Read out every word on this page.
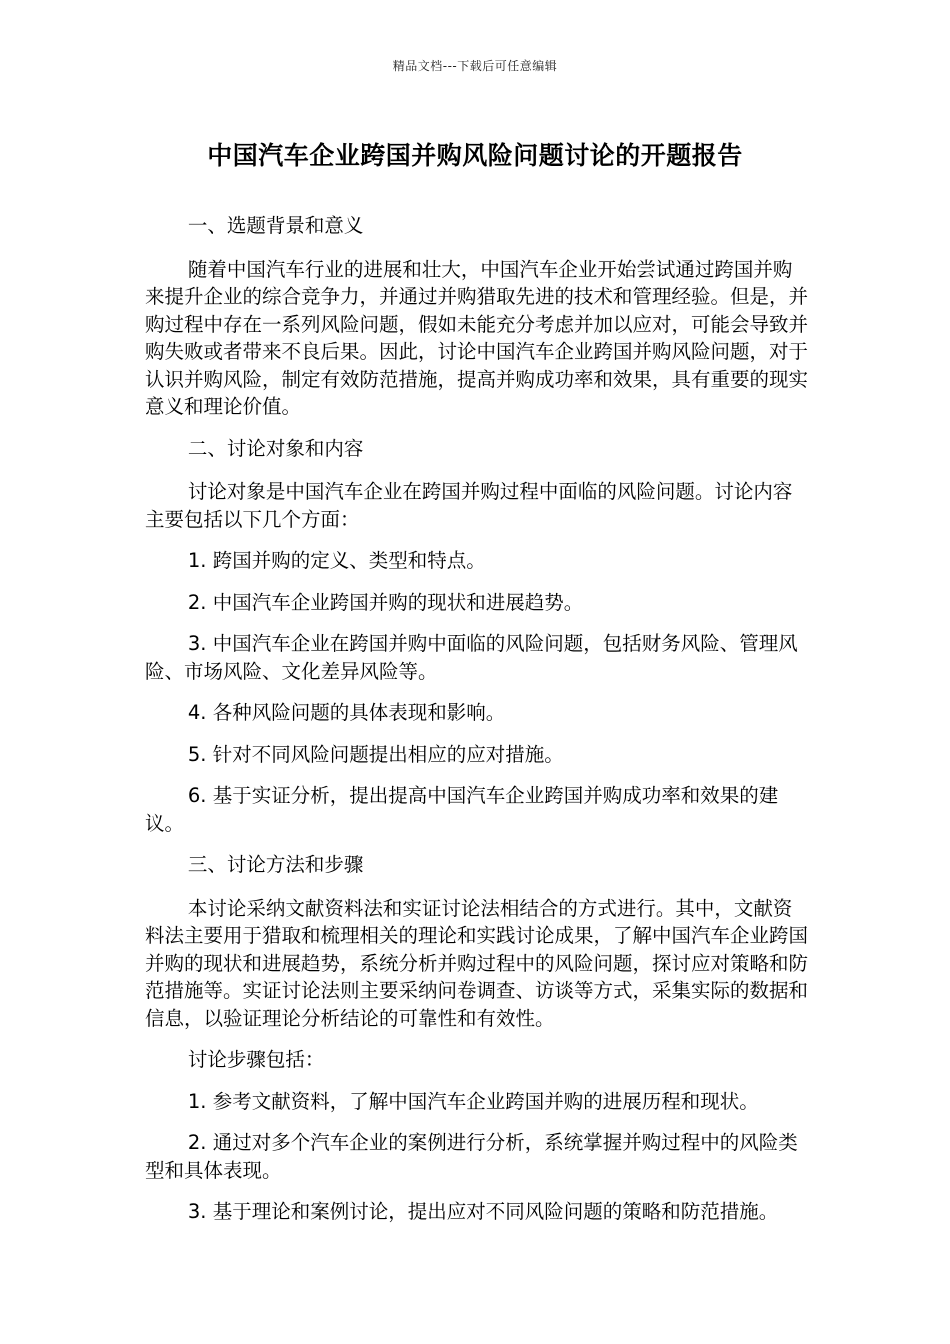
精品文档---下载后可任意编辑
中国汽车企业跨国并购风险问题讨论的开题报告

一、选题背景和意义

随着中国汽车行业的进展和壮大，中国汽车企业开始尝试通过跨国并购来提升企业的综合竞争力，并通过并购猎取先进的技术和管理经验。但是，并购过程中存在一系列风险问题，假如未能充分考虑并加以应对，可能会导致并购失败或者带来不良后果。因此，讨论中国汽车企业跨国并购风险问题，对于认识并购风险，制定有效防范措施，提高并购成功率和效果，具有重要的现实意义和理论价值。

二、讨论对象和内容

讨论对象是中国汽车企业在跨国并购过程中面临的风险问题。讨论内容主要包括以下几个方面：

1. 跨国并购的定义、类型和特点。

2. 中国汽车企业跨国并购的现状和进展趋势。

3. 中国汽车企业在跨国并购中面临的风险问题，包括财务风险、管理风险、市场风险、文化差异风险等。

4. 各种风险问题的具体表现和影响。

5. 针对不同风险问题提出相应的应对措施。

6. 基于实证分析，提出提高中国汽车企业跨国并购成功率和效果的建议。

三、讨论方法和步骤

本讨论采纳文献资料法和实证讨论法相结合的方式进行。其中，文献资料法主要用于猎取和梳理相关的理论和实践讨论成果，了解中国汽车企业跨国并购的现状和进展趋势，系统分析并购过程中的风险问题，探讨应对策略和防范措施等。实证讨论法则主要采纳问卷调查、访谈等方式，采集实际的数据和信息，以验证理论分析结论的可靠性和有效性。

讨论步骤包括：

1. 参考文献资料，了解中国汽车企业跨国并购的进展历程和现状。

2. 通过对多个汽车企业的案例进行分析，系统掌握并购过程中的风险类型和具体表现。

3. 基于理论和案例讨论，提出应对不同风险问题的策略和防范措施。
